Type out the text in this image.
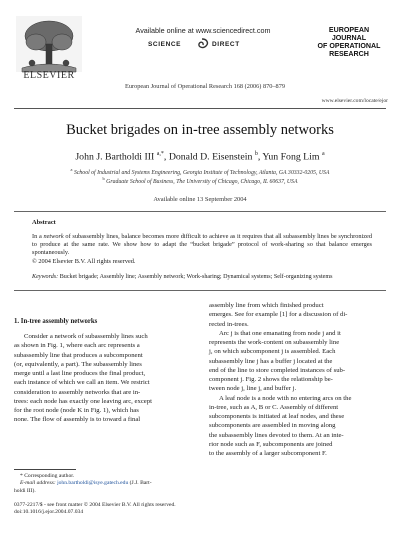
ELSEVIER
Available online at www.sciencedirect.com
SCIENCE	DIRECT
European Journal of Operational Research 168 (2006) 870–879
EUROPEAN
JOURNAL
OF OPERATIONAL
RESEARCH
www.elsevier.com/locate/ejor
Bucket brigades on in-tree assembly networks
John J. Bartholdi III $^{a,*}$, Donald D. Eisenstein $^b$, Yun Fong Lim $^a$
$^a$ School of Industrial and Systems Engineering, Georgia Institute of Technology, Atlanta, GA 30332-0205, USA
$^b$ Graduate School of Business, The University of Chicago, Chicago, IL 60637, USA
Available online 13 September 2004
Abstract
In a network of subassembly lines, balance becomes more difficult to achieve as it requires that all subassembly lines be synchronized to produce at the same rate. We show how to adapt the “bucket brigade” protocol of work-sharing so that balance emerges spontaneously.
© 2004 Elsevier B.V. All rights reserved.
Keywords: Bucket brigade; Assembly line; Assembly network; Work-sharing; Dynamical systems; Self-organizing systems
1. In-tree assembly networks
Consider a network of subassembly lines such
as shown in Fig. 1, where each arc represents a
subassembly line that produces a subcomponent
(or, equivalently, a part). The subassembly lines
merge until a last line produces the final product,
each instance of which we call an item. We restrict
consideration to assembly networks that are in-
trees: each node has exactly one leaving arc, except
for the root node (node K in Fig. 1), which has
none. The flow of assembly is to toward a final
assembly line from which finished product
emerges. See for example [1] for a discussion of di-
rected in-trees.
Arc j is that one emanating from node j and it
represents the work-content on subassembly line
j, on which subcomponent j is assembled. Each
subassembly line j has a buffer j located at the
end of the line to store completed instances of sub-
component j. Fig. 2 shows the relationship be-
tween node j, line j, and buffer j.
A leaf node is a node with no entering arcs on the
in-tree, such as A, B or C. Assembly of different
subcomponents is initiated at leaf nodes, and these
subcomponents are assembled in moving along
the subassembly lines devoted to them. At an inte-
rior node such as F, subcomponents are joined
to the assembly of a larger subcomponent F.
* Corresponding author.
E-mail address: john.bartholdi@isye.gatech.edu (J.J. Bart-
holdi III).
0377-2217/$ - see front matter © 2004 Elsevier B.V. All rights reserved.
doi:10.1016/j.ejor.2004.07.034
